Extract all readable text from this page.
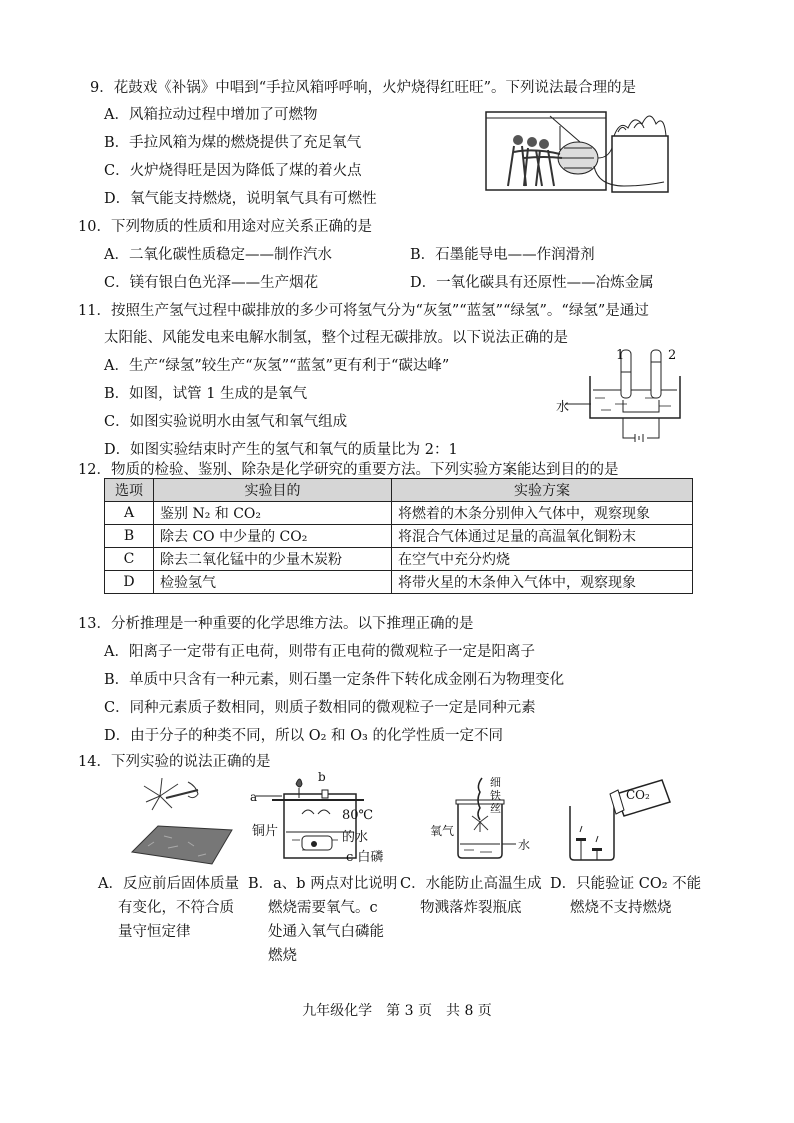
9．花鼓戏《补锅》中唱到“手拉风箱呼呼响，火炉烧得红旺旺”。下列说法最合理的是
A．风箱拉动过程中增加了可燃物
B．手拉风箱为煤的燃烧提供了充足氧气
C．火炉烧得旺是因为降低了煤的着火点
D．氧气能支持燃烧，说明氧气具有可燃性
10．下列物质的性质和用途对应关系正确的是
A．二氧化碳性质稳定——制作汽水	B．石墨能导电——作润滑剂
C．镁有银白色光泽——生产烟花	D．一氧化碳具有还原性——冶炼金属
11．按照生产氢气过程中碳排放的多少可将氢气分为“灰氢”“蓝氢”“绿氢”。“绿氢”是通过
太阳能、风能发电来电解水制氢，整个过程无碳排放。以下说法正确的是
A．生产“绿氢”较生产“灰氢”“蓝氢”更有利于“碳达峰”
B．如图，试管 1 生成的是氧气
C．如图实验说明水由氢气和氧气组成
D．如图实验结束时产生的氢气和氧气的质量比为 2：1
1	2
水
12．物质的检验、鉴别、除杂是化学研究的重要方法。下列实验方案能达到目的的是
选项	实验目的	实验方案
A	鉴别 N₂ 和 CO₂	将燃着的木条分别伸入气体中，观察现象
B	除去 CO 中少量的 CO₂	将混合气体通过足量的高温氧化铜粉末
C	除去二氧化锰中的少量木炭粉	在空气中充分灼烧
D	检验氢气	将带火星的木条伸入气体中，观察现象
13．分析推理是一种重要的化学思维方法。以下推理正确的是
A．阳离子一定带有正电荷，则带有正电荷的微观粒子一定是阳离子
B．单质中只含有一种元素，则石墨一定条件下转化成金刚石为物理变化
C．同种元素质子数相同，则质子数相同的微观粒子一定是同种元素
D．由于分子的种类不同，所以 O₂ 和 O₃ 的化学性质一定不同
14．下列实验的说法正确的是
a
b
铜片
80℃
的水
c 白磷
细铁丝
氧气
水
CO₂
A．反应前后固体质量
有变化，不符合质
量守恒定律
B．a、b 两点对比说明
燃烧需要氧气。c
处通入氧气白磷能
燃烧
C．水能防止高温生成
物溅落炸裂瓶底
D．只能验证 CO₂ 不能
燃烧不支持燃烧
九年级化学　第 3 页　共 8 页
